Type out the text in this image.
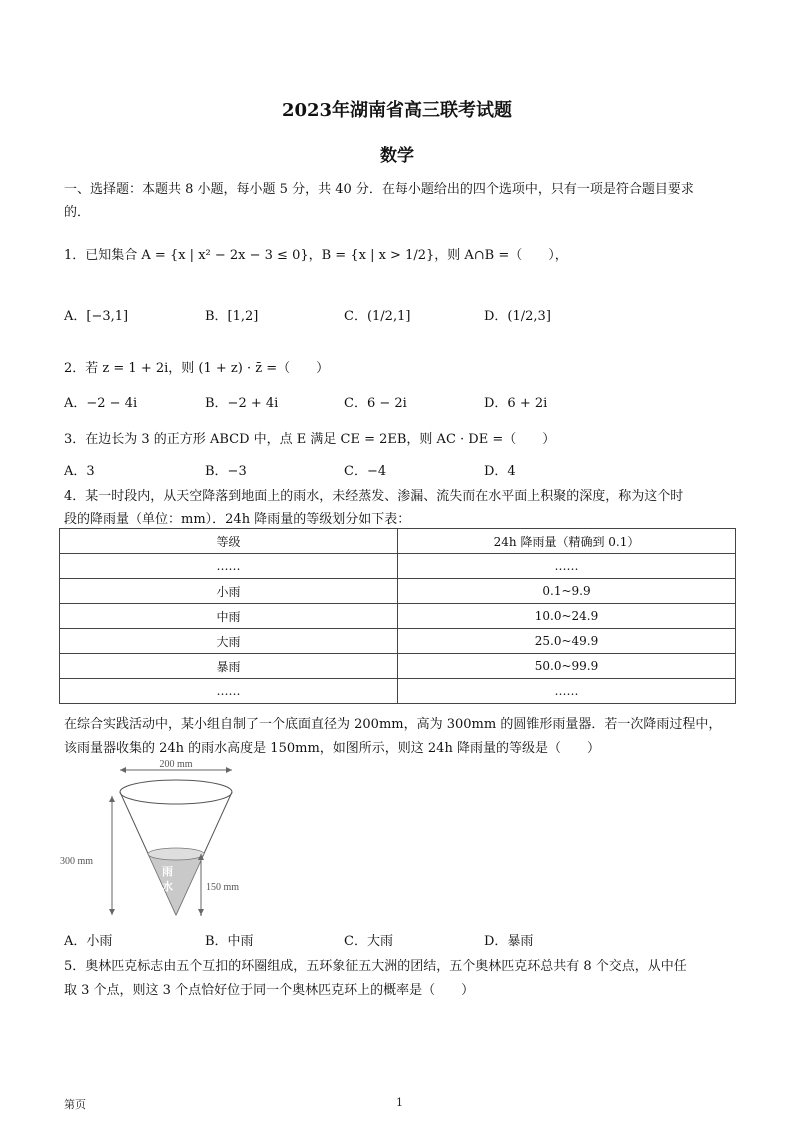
2023年湖南省高三联考试题
数学
一、选择题：本题共 8 小题，每小题 5 分，共 40 分．在每小题给出的四个选项中，只有一项是符合题目要求
的．
1．已知集合 A = {x | x² − 2x − 3 ≤ 0}，B = {x | x > 1/2}，则 A∩B =（　　），
A．[−3,1]	B．[1,2]	C．(1/2,1]	D．(1/2,3]
2．若 z = 1 + 2i，则 (1 + z) · z̄ =（　　）
A．−2 − 4i	B．−2 + 4i	C．6 − 2i	D．6 + 2i
3．在边长为 3 的正方形 ABCD 中，点 E 满足 CE = 2EB，则 AC · DE =（　　）
A．3	B．−3	C．−4	D．4
4．某一时段内，从天空降落到地面上的雨水，未经蒸发、渗漏、流失而在水平面上积聚的深度，称为这个时
段的降雨量（单位：mm）．24h 降雨量的等级划分如下表：
等级	24h 降雨量（精确到 0.1）
……	……
小雨	0.1~9.9
中雨	10.0~24.9
大雨	25.0~49.9
暴雨	50.0~99.9
……	……
在综合实践活动中，某小组自制了一个底面直径为 200mm，高为 300mm 的圆锥形雨量器．若一次降雨过程中，
该雨量器收集的 24h 的雨水高度是 150mm，如图所示，则这 24h 降雨量的等级是（　　）
200 mm
雨
水
300 mm
150 mm
A．小雨	B．中雨	C．大雨	D．暴雨
5．奥林匹克标志由五个互扣的环圈组成，五环象征五大洲的团结，五个奥林匹克环总共有 8 个交点，从中任
取 3 个点，则这 3 个点恰好位于同一个奥林匹克环上的概率是（　　）
第页	1
